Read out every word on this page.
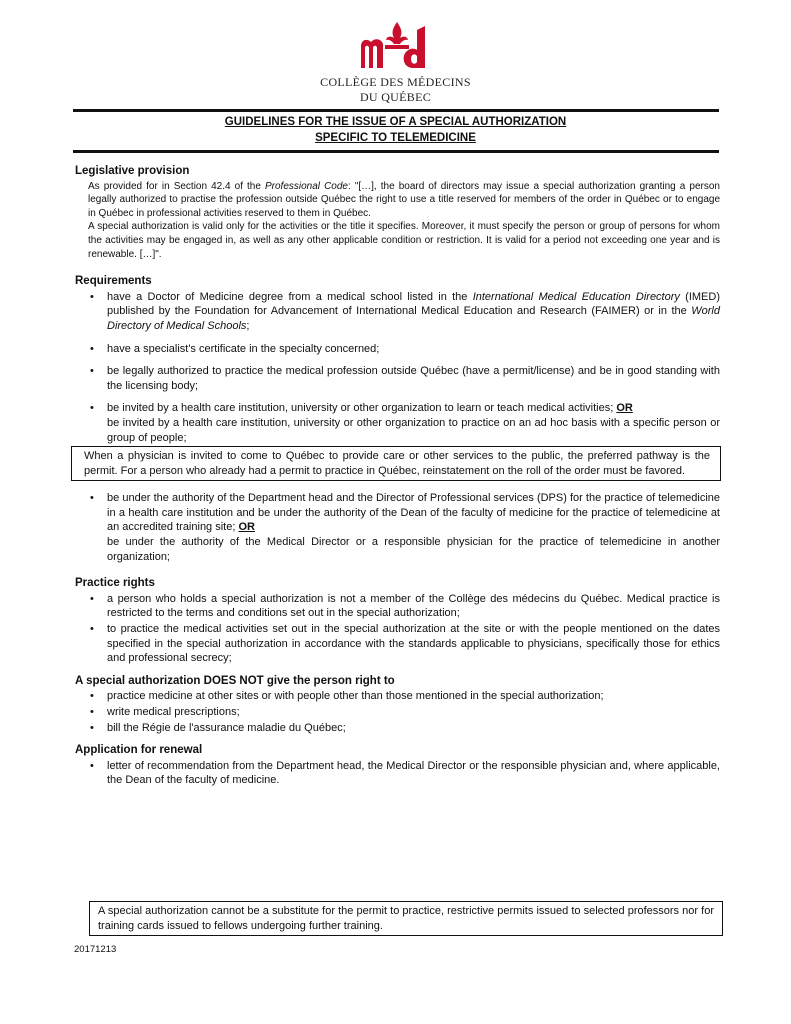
COLLÈGE DES MÉDECINS
DU QUÉBEC
GUIDELINES FOR THE ISSUE OF A SPECIAL AUTHORIZATION
SPECIFIC TO TELEMEDICINE
Legislative provision

As provided for in Section 42.4 of the Professional Code: "[…], the board of directors may issue a special authorization granting a person legally authorized to practise the profession outside Québec the right to use a title reserved for members of the order in Québec or to engage in Québec in professional activities reserved to them in Québec.

A special authorization is valid only for the activities or the title it specifies. Moreover, it must specify the person or group of persons for whom the activities may be engaged in, as well as any other applicable condition or restriction. It is valid for a period not exceeding one year and is renewable. […]".

Requirements
• have a Doctor of Medicine degree from a medical school listed in the International Medical Education Directory (IMED) published by the Foundation for Advancement of International Medical Education and Research (FAIMER) or in the World Directory of Medical Schools;
• have a specialist's certificate in the specialty concerned;
• be legally authorized to practice the medical profession outside Québec (have a permit/license) and be in good standing with the licensing body;
• be invited by a health care institution, university or other organization to learn or teach medical activities; OR
be invited by a health care institution, university or other organization to practice on an ad hoc basis with a specific person or group of people;
When a physician is invited to come to Québec to provide care or other services to the public, the preferred pathway is the permit. For a person who already had a permit to practice in Québec, reinstatement on the roll of the order must be favored.
• be under the authority of the Department head and the Director of Professional services (DPS) for the practice of telemedicine in a health care institution and be under the authority of the Dean of the faculty of medicine for the practice of telemedicine at an accredited training site; OR
be under the authority of the Medical Director or a responsible physician for the practice of telemedicine in another organization;
Practice rights
• a person who holds a special authorization is not a member of the Collège des médecins du Québec. Medical practice is restricted to the terms and conditions set out in the special authorization;
• to practice the medical activities set out in the special authorization at the site or with the people mentioned on the dates specified in the special authorization in accordance with the standards applicable to physicians, specifically those for ethics and professional secrecy;
A special authorization DOES NOT give the person right to
• practice medicine at other sites or with people other than those mentioned in the special authorization;
• write medical prescriptions;
• bill the Régie de l'assurance maladie du Québec;
Application for renewal
• letter of recommendation from the Department head, the Medical Director or the responsible physician and, where applicable, the Dean of the faculty of medicine.
A special authorization cannot be a substitute for the permit to practice, restrictive permits issued to selected professors nor for training cards issued to fellows undergoing further training.
20171213
